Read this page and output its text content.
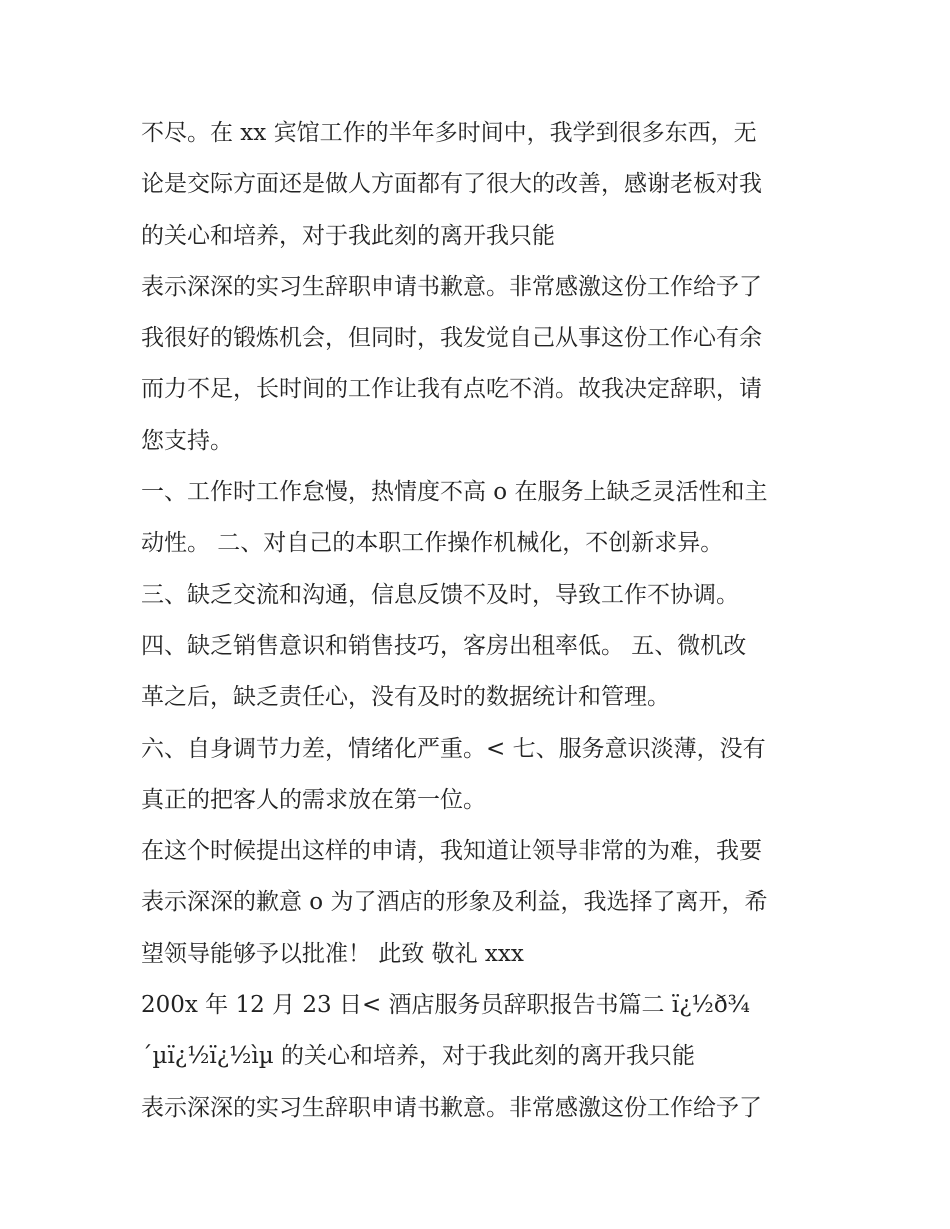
不尽。在 xx 宾馆工作的半年多时间中，我学到很多东西，无
论是交际方面还是做人方面都有了很大的改善，感谢老板对我
的关心和培养，对于我此刻的离开我只能
表示深深的实习生辞职申请书歉意。非常感激这份工作给予了
我很好的锻炼机会，但同时，我发觉自己从事这份工作心有余
而力不足，长时间的工作让我有点吃不消。故我决定辞职，请
您支持。
一、工作时工作怠慢，热情度不高 o 在服务上缺乏灵活性和主
动性。 二、对自己的本职工作操作机械化，不创新求异。
三、缺乏交流和沟通，信息反馈不及时，导致工作不协调。
四、缺乏销售意识和销售技巧，客房出租率低。 五、微机改
革之后，缺乏责任心，没有及时的数据统计和管理。
六、自身调节力差，情绪化严重。< 七、服务意识淡薄，没有
真正的把客人的需求放在第一位。
在这个时候提出这样的申请，我知道让领导非常的为难，我要
表示深深的歉意 o 为了酒店的形象及利益，我选择了离开，希
望领导能够予以批准！ 此致 敬礼 xxx
200x 年 12 月 23 日< 酒店服务员辞职报告书篇二 ï¿½ð¾
´µï¿½ï¿½ìµ 的关心和培养，对于我此刻的离开我只能
表示深深的实习生辞职申请书歉意。非常感激这份工作给予了
